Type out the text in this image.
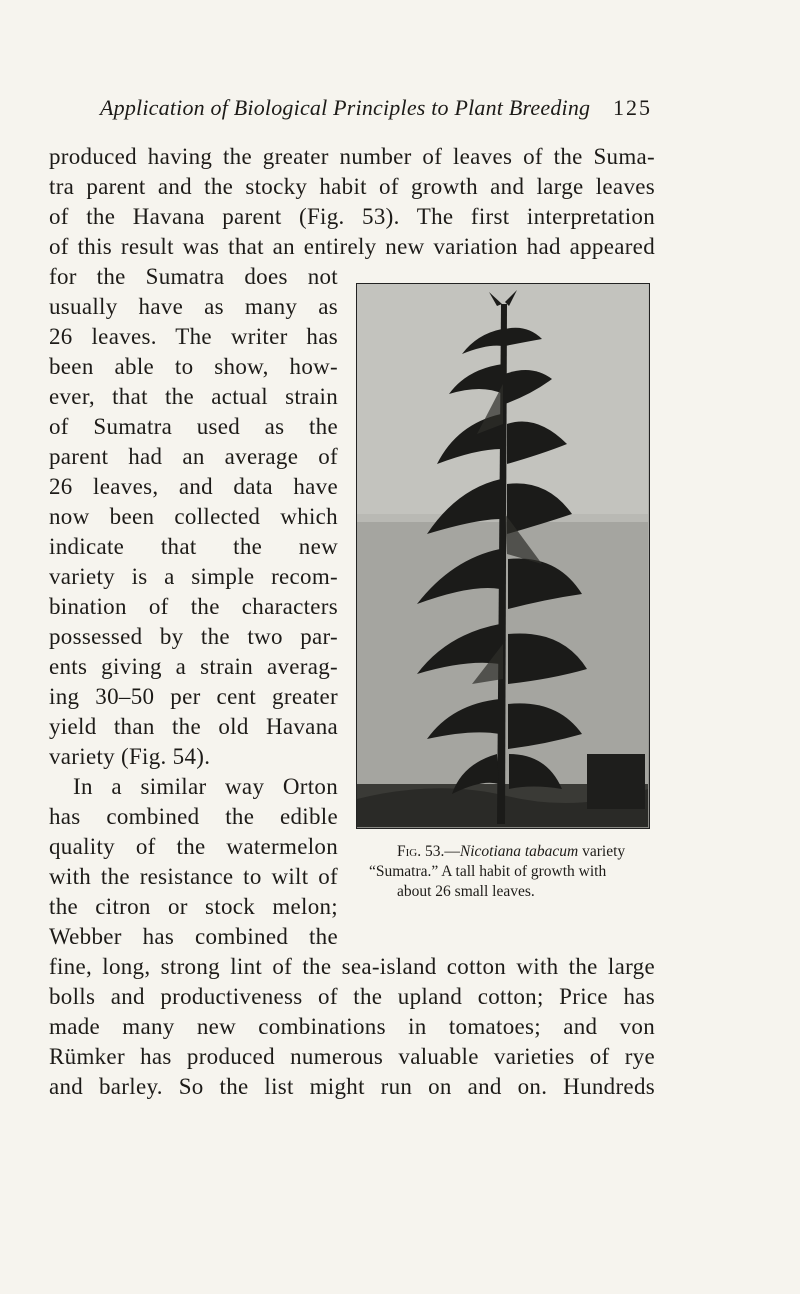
Application of Biological Principles to Plant Breeding 125
produced having the greater number of leaves of the Suma-
tra parent and the stocky habit of growth and large leaves
of the Havana parent (Fig. 53). The first interpretation
of this result was that an entirely new variation had appeared
for the Sumatra does not
usually have as many as
26 leaves. The writer has
been able to show, how-
ever, that the actual strain
of Sumatra used as the
parent had an average of
26 leaves, and data have
now been collected which
indicate that the new
variety is a simple recom-
bination of the characters
possessed by the two par-
ents giving a strain averag-
ing 30–50 per cent greater
yield than the old Havana
variety (Fig. 54).
In a similar way Orton
has combined the edible
quality of the watermelon
with the resistance to wilt of
the citron or stock melon;
Webber has combined the
fine, long, strong lint of the sea-island cotton with the large
bolls and productiveness of the upland cotton; Price has
made many new combinations in tomatoes; and von
Rümker has produced numerous valuable varieties of rye
and barley. So the list might run on and on. Hundreds
Fig. 53.—Nicotiana tabacum variety
“Sumatra.” A tall habit of growth with
about 26 small leaves.
